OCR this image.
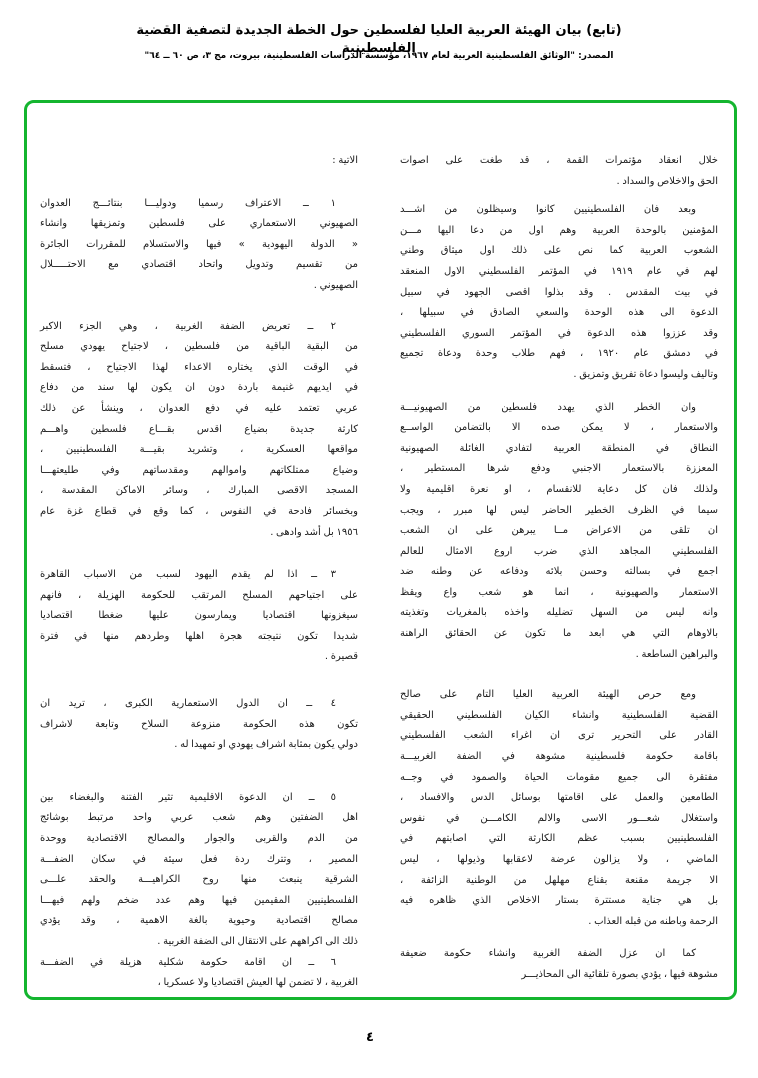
(تابع) بيان الهيئة العربية العليا لفلسطين حول الخطة الجديدة لتصفية القضية الفلسطينية
المصدر: "الوثائق الفلسطينية العربية لعام ١٩٦٧، مؤسسة الدراسات الفلسطينية، بيروت، مج ٣، ص ٦٠ ــ ٦٤"
خلال انعقاد مؤتمرات القمة ، قد طغت على اصوات
الحق والاخلاص والسداد .
وبعد فان الفلسطينيين كانوا وسيظلون من اشـــد
المؤمنين بالوحدة العربية وهم اول من دعا اليها مـــن
الشعوب العربية كما نص على ذلك اول ميثاق وطني
لهم في عام ١٩١٩ في المؤتمر الفلسطيني الاول المنعقد
في بيت المقدس . وقد بذلوا اقصى الجهود في سبيل
الدعوة الى هذه الوحدة والسعي الصادق في سبيلها ،
وقد عززوا هذه الدعوة في المؤتمر السوري الفلسطيني
في دمشق عام ١٩٢٠ ، فهم طلاب وحدة ودعاة تجميع
وتاليف وليسوا دعاة تفريق وتمزيق .
وان الخطر الذي يهدد فلسطين من الصهيونيـــة
والاستعمار ، لا يمكن صده الا بالتضامن الواســع
النطاق في المنطقة العربية لتفادي الغائلة الصهيونية
المعززة بالاستعمار الاجنبي ودفع شرها المستطير ،
ولذلك فان كل دعاية للانقسام ، او نعرة اقليمية ولا
سيما في الظرف الخطير الحاضر ليس لها مبرر ، ويجب
ان تلقى من الاعراض مــا يبرهن على ان الشعب
الفلسطيني المجاهد الذي ضرب اروع الامثال للعالم
اجمع في بسالته وحسن بلائه ودفاعه عن وطنه ضد
الاستعمار والصهيونية ، انما هو شعب واع ويقظ
وانه ليس من السهل تضليله واخذه بالمغريات وتغذيته
بالاوهام التي هي ابعد ما تكون عن الحقائق الراهنة
والبراهين الساطعة .
ومع حرص الهيئة العربية العليا التام على صالح
القضية الفلسطينية وانشاء الكيان الفلسطيني الحقيقي
القادر على التحرير ترى ان اغراء الشعب الفلسطيني
باقامة حكومة فلسطينية مشوهة في الضفة الغربيـــة
مفتقرة الى جميع مقومات الحياة والصمود في وجــه
الطامعين والعمل على اقامتها بوسائل الدس والافساد ،
واستغلال شعـــور الاسى والالم الكامـــن في نفوس
الفلسطينيين بسبب عظم الكارثة التي اصابتهم في
الماضي ، ولا يزالون عرضة لاعقابها وذيولها ، ليس
الا جريمة مقنعة بقناع مهلهل من الوطنية الزائفة ،
بل هي جناية مستترة بستار الاخلاص الذي ظاهره فيه
الرحمة وباطنه من قبله العذاب .
كما ان عزل الضفة الغربية وانشاء حكومة ضعيفة
مشوهة فيها ، يؤدي بصورة تلقائية الى المحاذيـــر
الاتية :
١ ــ الاعتراف رسميا ودوليـــا بنتائـــج العدوان
الصهيوني الاستعماري على فلسطين وتمزيقها وانشاء
« الدولة اليهودية » فيها والاستسلام للمقررات الجائرة
من تقسيم وتدويل واتحاد اقتصادي مع الاحتـــــلال
الصهيوني .
٢ ــ تعريض الضفة الغربية ، وهي الجزء الاكبر
من البقية الباقية من فلسطين ، لاجتياح يهودي مسلح
في الوقت الذي يختاره الاعداء لهذا الاجتياح ، فتسقط
في ايديهم غنيمة باردة دون ان يكون لها سند من دفاع
عربي تعتمد عليه في دفع العدوان ، وينشأ عن ذلك
كارثة جديدة بضياع اقدس بقـــاع فلسطين واهـــم
مواقعها العسكرية ، وتشريد بقيـــة الفلسطينيين ،
وضياع ممتلكاتهم واموالهم ومقدساتهم وفي طليعتهـــا
المسجد الاقصى المبارك ، وسائر الاماكن المقدسة ،
وبخسائر فادحة في النفوس ، كما وقع في قطاع غزة عام
١٩٥٦ بل أشد وادهى .
٣ ــ اذا لم يقدم اليهود لسبب من الاسباب القاهرة
على اجتياحهم المسلح المرتقب للحكومة الهزيلة ، فانهم
سيغزونها اقتصاديا ويمارسون عليها ضغطا اقتصاديا
شديدا تكون نتيجته هجرة اهلها وطردهم منها في فترة
قصيرة .
٤ ــ ان الدول الاستعمارية الكبرى ، تريد ان
تكون هذه الحكومة منزوعة السلاح وتابعة لاشراف
دولي يكون بمثابة اشراف يهودي او تمهيدا له .
٥ ــ ان الدعوة الاقليمية تثير الفتنة والبغضاء بين
اهل الضفتين وهم شعب عربي واحد مرتبط بوشائج
من الدم والقربى والجوار والمصالح الاقتصادية ووحدة
المصير ، وتترك ردة فعل سيئة في سكان الضفـــة
الشرقية ينبعث منها روح الكراهيـــة والحقد علـــى
الفلسطينيين المقيمين فيها وهم عدد ضخم ولهم فيهـــا
مصالح اقتصادية وحيوية بالغة الاهمية ، وقد يؤدي
ذلك الى اكراههم على الانتقال الى الضفة الغربية .
٦ ــ ان اقامة حكومة شكلية هزيلة في الضفـــة
الغربية ، لا تضمن لها العيش اقتصاديا ولا عسكريا ،
٤
